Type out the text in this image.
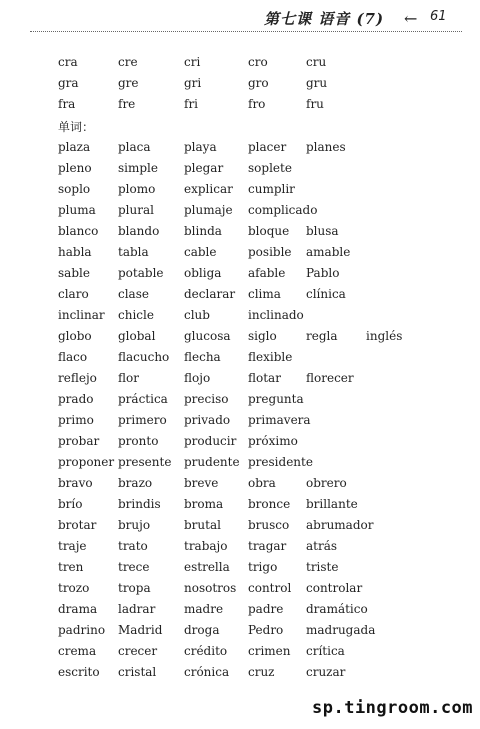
第七课 语音 (7) ← 61
cra	cre	cri	cro	cru
gra	gre	gri	gro	gru
fra	fre	fri	fro	fru
单词：
plaza placa	playa	placer planes
pleno simple plegar soplete
soplo plomo explicar cumplir
pluma plural	plumaje complicado
blanco blando blinda bloque blusa
habla tabla	cable	posible amable
sable potable obliga afable Pablo
claro clase	declarar clima clínica
inclinar chicle	club	inclinado
globo global glucosa siglo regla inglés
flaco	flacucho flecha flexible
reflejo flor	flojo	flotar florecer
prado práctica preciso pregunta
primo primero privado primavera
probar pronto producir próximo
proponer presente prudente presidente
bravo brazo	breve obra	obrero
brío	brindis broma bronce brillante
brotar brujo	brutal brusco abrumador
traje	trato	trabajo tragar atrás
tren	trece	estrella trigo triste
trozo tropa	nosotros control controlar
drama ladrar madre padre dramático
padrino Madrid droga Pedro madrugada
crema crecer crédito crimen crítica
escrito cristal crónica cruz	cruzar
sp.tingroom.com
